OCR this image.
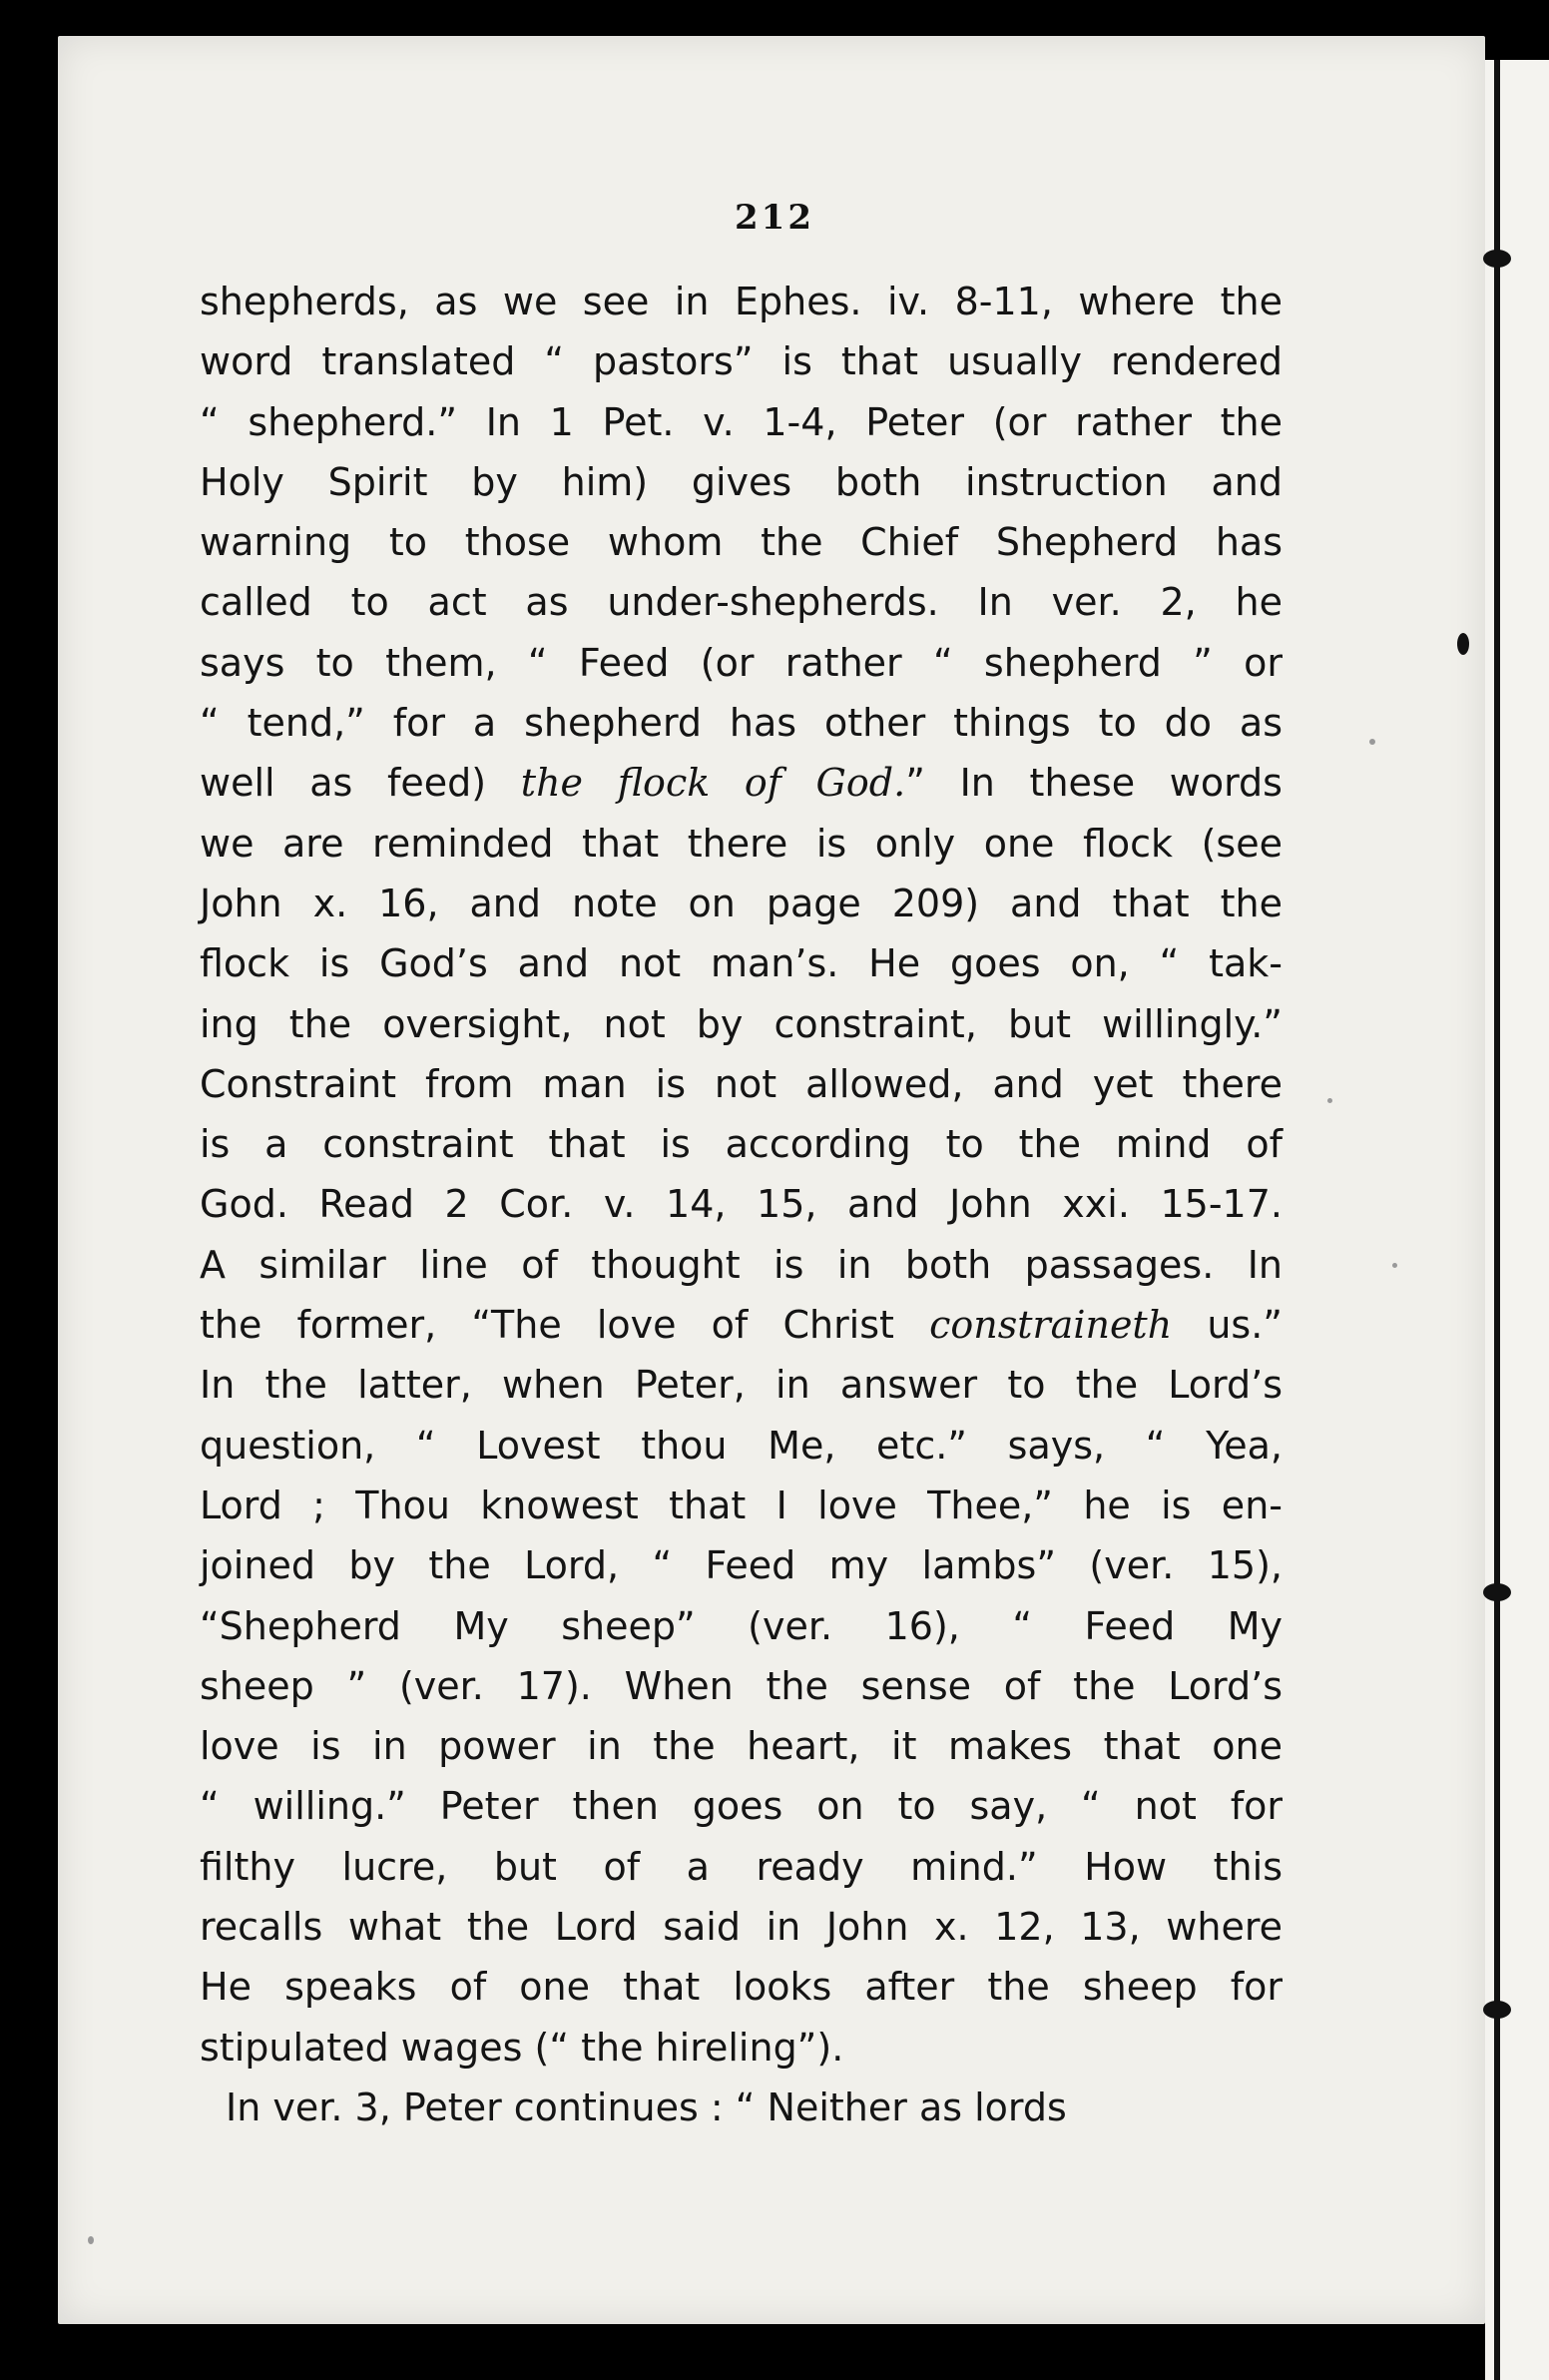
212
shepherds, as we see in Ephes. iv. 8-11, where the
word translated “ pastors” is that usually rendered
“ shepherd.” In 1 Pet. v. 1-4, Peter (or rather the
Holy Spirit by him) gives both instruction and
warning to those whom the Chief Shepherd has
called to act as under-shepherds. In ver. 2, he
says to them, “ Feed (or rather “ shepherd ” or
“ tend,” for a shepherd has other things to do as
well as feed) the flock of God.” In these words
we are reminded that there is only one flock (see
John x. 16, and note on page 209) and that the
flock is God’s and not man’s. He goes on, “ tak-
ing the oversight, not by constraint, but willingly.”
Constraint from man is not allowed, and yet there
is a constraint that is according to the mind of
God. Read 2 Cor. v. 14, 15, and John xxi. 15-17.
A similar line of thought is in both passages. In
the former, “The love of Christ constraineth us.”
In the latter, when Peter, in answer to the Lord’s
question, “ Lovest thou Me, etc.” says, “ Yea,
Lord ; Thou knowest that I love Thee,” he is en-
joined by the Lord, “ Feed my lambs” (ver. 15),
“Shepherd My sheep” (ver. 16), “ Feed My
sheep ” (ver. 17). When the sense of the Lord’s
love is in power in the heart, it makes that one
“ willing.” Peter then goes on to say, “ not for
filthy lucre, but of a ready mind.” How this
recalls what the Lord said in John x. 12, 13, where
He speaks of one that looks after the sheep for
stipulated wages (“ the hireling”).
In ver. 3, Peter continues : “ Neither as lords
